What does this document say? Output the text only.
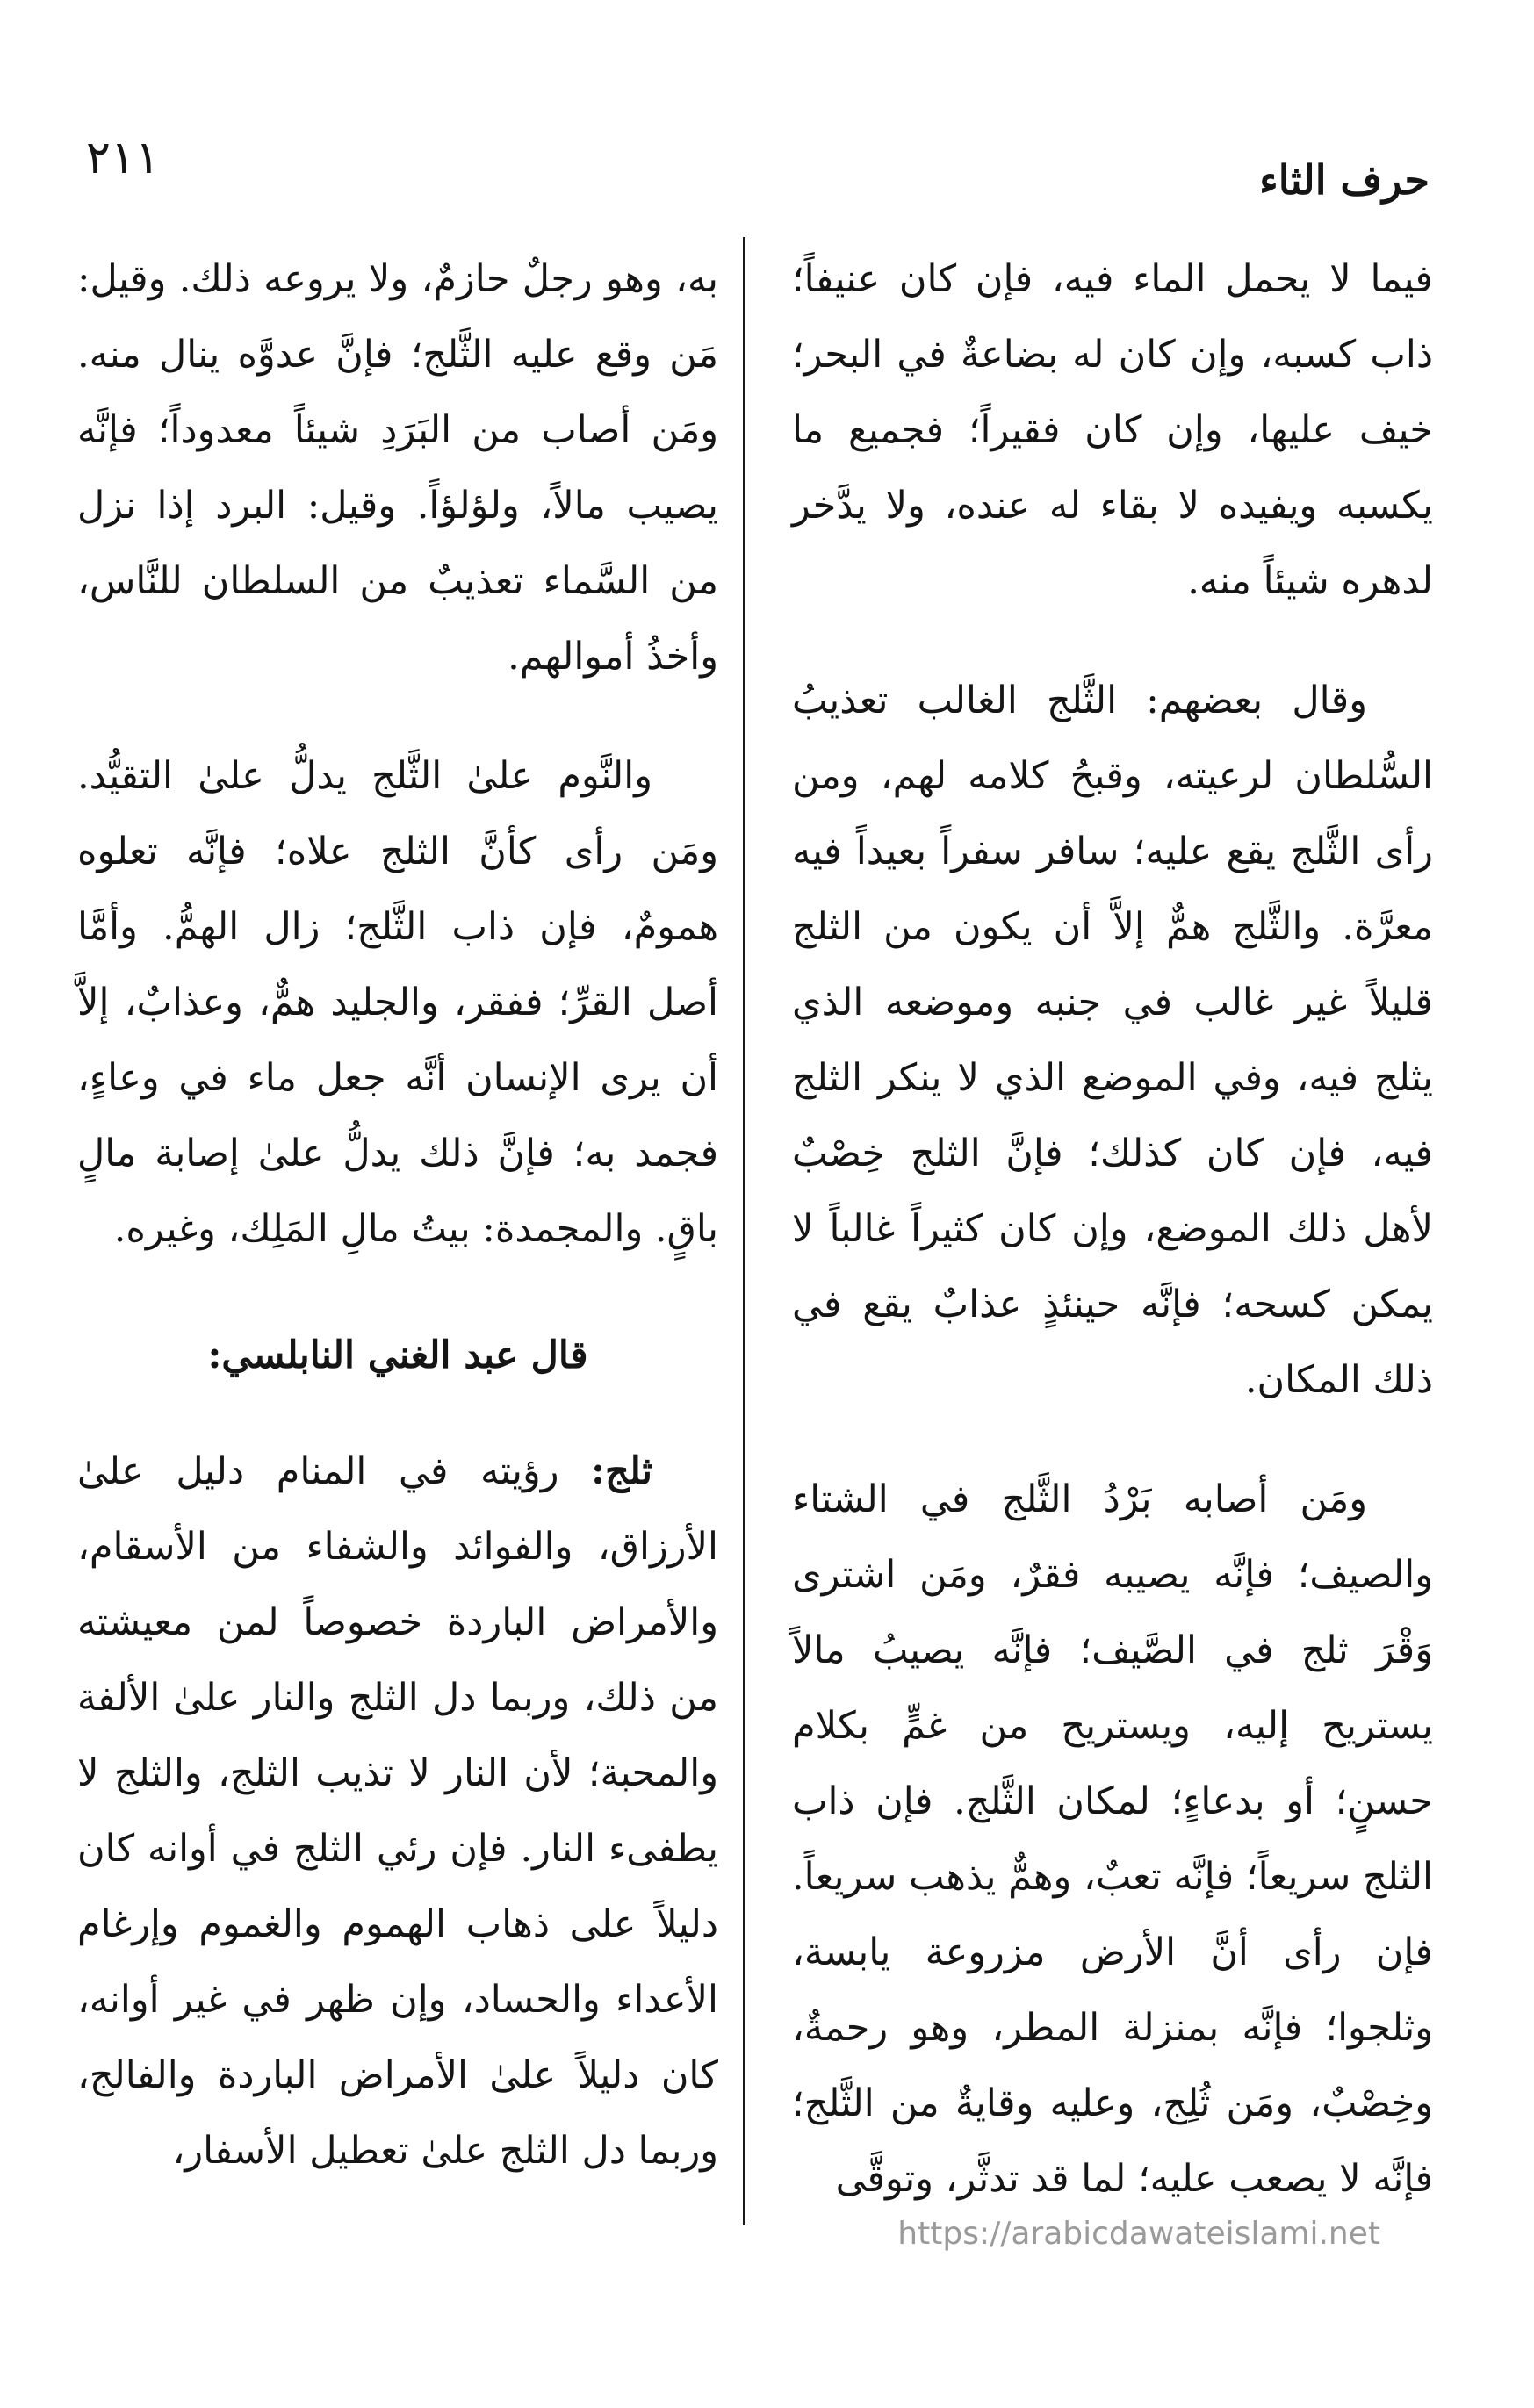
٢١١	حرف الثاء

فيما لا يحمل الماء فيه، فإن كان عنيفاً؛ ذاب كسبه، وإن كان له بضاعةٌ في البحر؛ خيف عليها، وإن كان فقيراً؛ فجميع ما يكسبه ويفيده لا بقاء له عنده، ولا يدَّخر لدهره شيئاً منه.

وقال بعضهم: الثَّلج الغالب تعذيبُ السُّلطان لرعيته، وقبحُ كلامه لهم، ومن رأى الثَّلج يقع عليه؛ سافر سفراً بعيداً فيه معرَّة. والثَّلج همٌّ إلاَّ أن يكون من الثلج قليلاً غير غالب في جنبه وموضعه الذي يثلج فيه، وفي الموضع الذي لا ينكر الثلج فيه، فإن كان كذلك؛ فإنَّ الثلج خِصْبٌ لأهل ذلك الموضع، وإن كان كثيراً غالباً لا يمكن كسحه؛ فإنَّه حينئذٍ عذابٌ يقع في ذلك المكان.

ومَن أصابه بَرْدُ الثَّلج في الشتاء والصيف؛ فإنَّه يصيبه فقرٌ، ومَن اشترى وَقْرَ ثلج في الصَّيف؛ فإنَّه يصيبُ مالاً يستريح إليه، ويستريح من غمٍّ بكلام حسنٍ؛ أو بدعاءٍ؛ لمكان الثَّلج. فإن ذاب الثلج سريعاً؛ فإنَّه تعبٌ، وهمٌّ يذهب سريعاً. فإن رأى أنَّ الأرض مزروعة يابسة، وثلجوا؛ فإنَّه بمنزلة المطر، وهو رحمةٌ، وخِصْبٌ، ومَن ثُلِج، وعليه وقايةٌ من الثَّلج؛ فإنَّه لا يصعب عليه؛ لما قد تدثَّر، وتوقَّى

به، وهو رجلٌ حازمٌ، ولا يروعه ذلك. وقيل: مَن وقع عليه الثَّلج؛ فإنَّ عدوَّه ينال منه. ومَن أصاب من البَرَدِ شيئاً معدوداً؛ فإنَّه يصيب مالاً، ولؤلؤاً. وقيل: البرد إذا نزل من السَّماء تعذيبٌ من السلطان للنَّاس، وأخذُ أموالهم.

والنَّوم علىٰ الثَّلج يدلُّ علىٰ التقيُّد. ومَن رأى كأنَّ الثلج علاه؛ فإنَّه تعلوه همومٌ، فإن ذاب الثَّلج؛ زال الهمُّ. وأمَّا أصل القرِّ؛ ففقر، والجليد همٌّ، وعذابٌ، إلاَّ أن يرى الإنسان أنَّه جعل ماء في وعاءٍ، فجمد به؛ فإنَّ ذلك يدلُّ علىٰ إصابة مالٍ باقٍ. والمجمدة: بيتُ مالِ المَلِك، وغيره.

قال عبد الغني النابلسي:

ثلج: رؤيته في المنام دليل علىٰ الأرزاق، والفوائد والشفاء من الأسقام، والأمراض الباردة خصوصاً لمن معيشته من ذلك، وربما دل الثلج والنار علىٰ الألفة والمحبة؛ لأن النار لا تذيب الثلج، والثلج لا يطفىء النار. فإن رئي الثلج في أوانه كان دليلاً على ذهاب الهموم والغموم وإرغام الأعداء والحساد، وإن ظهر في غير أوانه، كان دليلاً علىٰ الأمراض الباردة والفالج، وربما دل الثلج علىٰ تعطيل الأسفار،

https://arabicdawateislami.net
